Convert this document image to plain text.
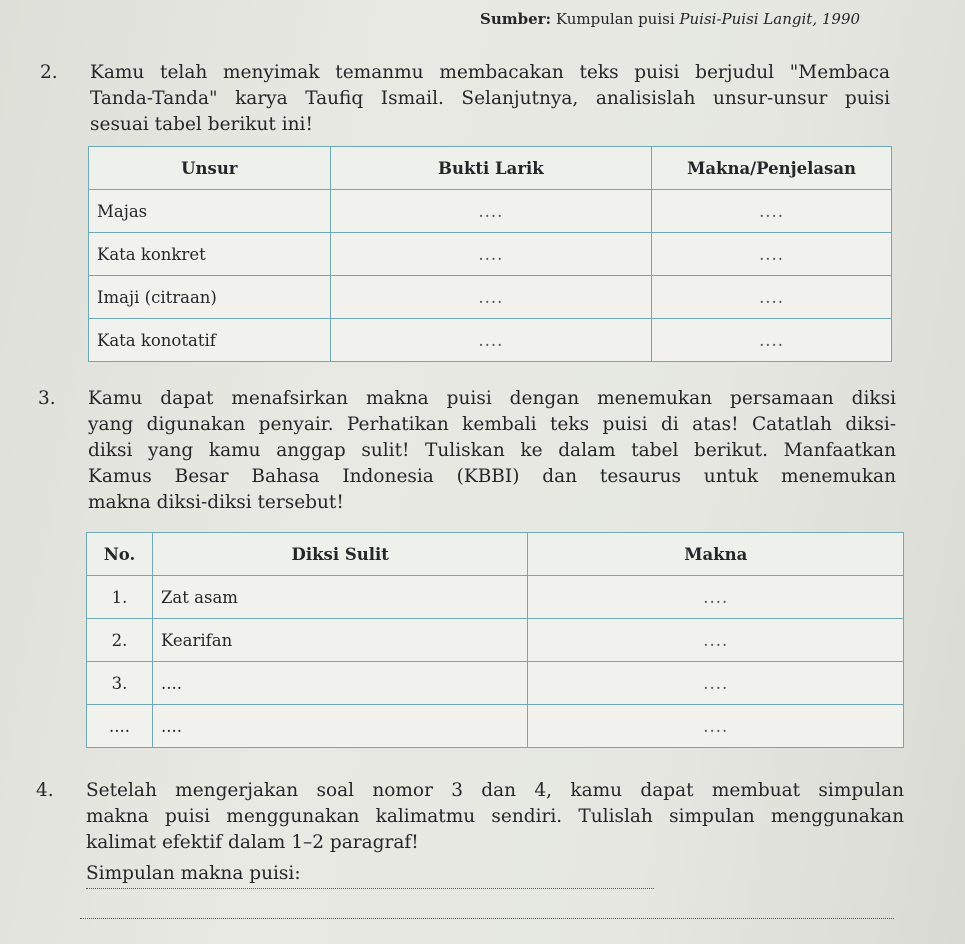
Sumber: Kumpulan puisi Puisi-Puisi Langit, 1990
2. Kamu telah menyimak temanmu membacakan teks puisi berjudul "Membaca
Tanda-Tanda" karya Taufiq Ismail. Selanjutnya, analisislah unsur-unsur puisi
sesuai tabel berikut ini!
Unsur	Bukti Larik	Makna/Penjelasan
Majas	....	....
Kata konkret	....	....
Imaji (citraan)	....	....
Kata konotatif	....	....
3. Kamu dapat menafsirkan makna puisi dengan menemukan persamaan diksi
yang digunakan penyair. Perhatikan kembali teks puisi di atas! Catatlah diksi-
diksi yang kamu anggap sulit! Tuliskan ke dalam tabel berikut. Manfaatkan
Kamus Besar Bahasa Indonesia (KBBI) dan tesaurus untuk menemukan
makna diksi-diksi tersebut!
No.	Diksi Sulit	Makna
1.	Zat asam	....
2.	Kearifan	....
3.	....	....
....	....	....
4. Setelah mengerjakan soal nomor 3 dan 4, kamu dapat membuat simpulan
makna puisi menggunakan kalimatmu sendiri. Tulislah simpulan menggunakan
kalimat efektif dalam 1–2 paragraf!
Simpulan makna puisi:
